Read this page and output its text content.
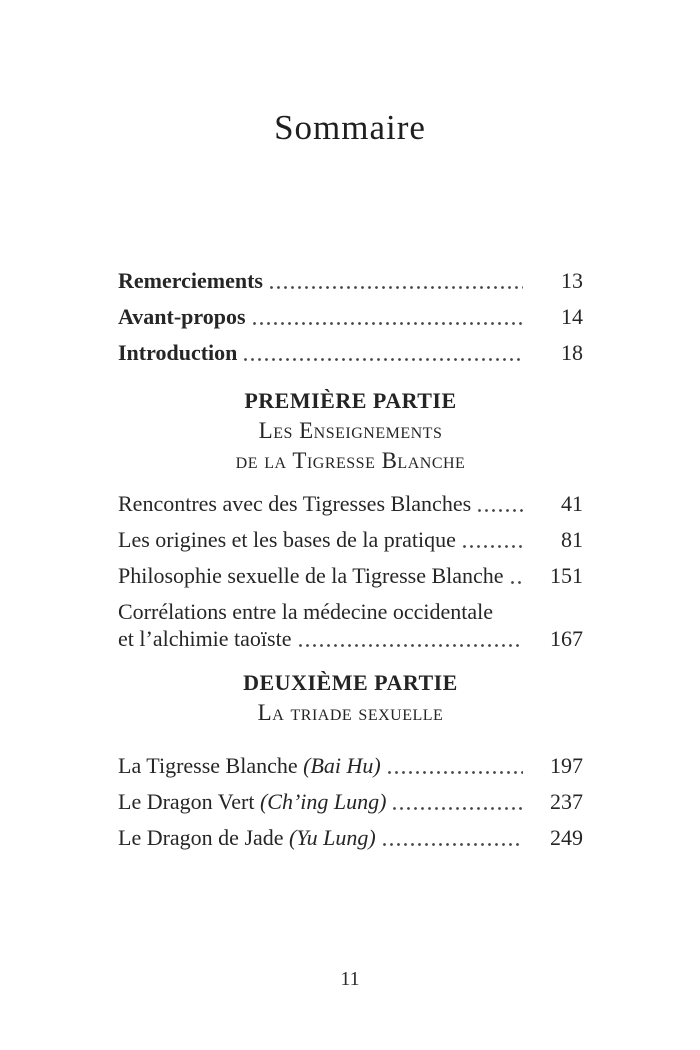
Sommaire
Remerciements	13
Avant-propos	14
Introduction	18
PREMIÈRE PARTIE
Les Enseignements
de la Tigresse Blanche
Rencontres avec des Tigresses Blanches	41
Les origines et les bases de la pratique	81
Philosophie sexuelle de la Tigresse Blanche	151
Corrélations entre la médecine occidentale
et l’alchimie taoïste	167
DEUXIÈME PARTIE
La triade sexuelle
La Tigresse Blanche (Bai Hu)	197
Le Dragon Vert (Ch’ing Lung)	237
Le Dragon de Jade (Yu Lung)	249
11
